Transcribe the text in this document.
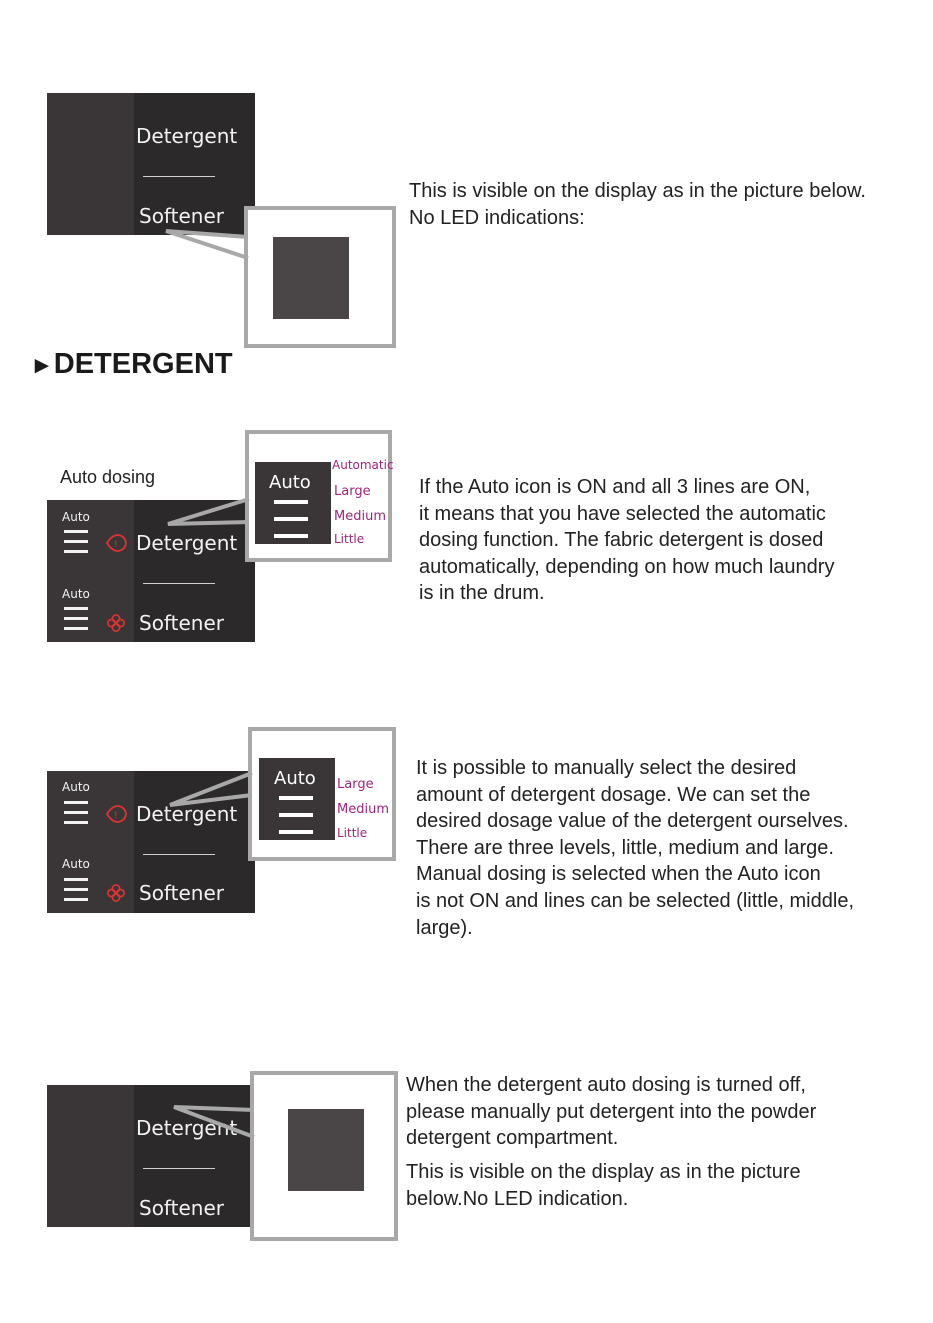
Detergent
Softener
This is visible on the display as in the picture below.
No LED indications:
►DETERGENT
Auto dosing
Auto
Auto
! Detergent
Softener
Auto
Automatic
Large
Medium
Little
If the Auto icon is ON and all 3 lines are ON,
it means that you have selected the automatic
dosing function. The fabric detergent is dosed
automatically, depending on how much laundry
is in the drum.
Auto
Auto
! Detergent
Softener
Auto Large
Medium
Little
It is possible to manually select the desired
amount of detergent dosage. We can set the
desired dosage value of the detergent ourselves.
There are three levels, little, medium and large.
Manual dosing is selected when the Auto icon
is not ON and lines can be selected (little, middle,
large).
Detergent
Softener
When the detergent auto dosing is turned off,
please manually put detergent into the powder
detergent compartment.
This is visible on the display as in the picture
below.No LED indication.
